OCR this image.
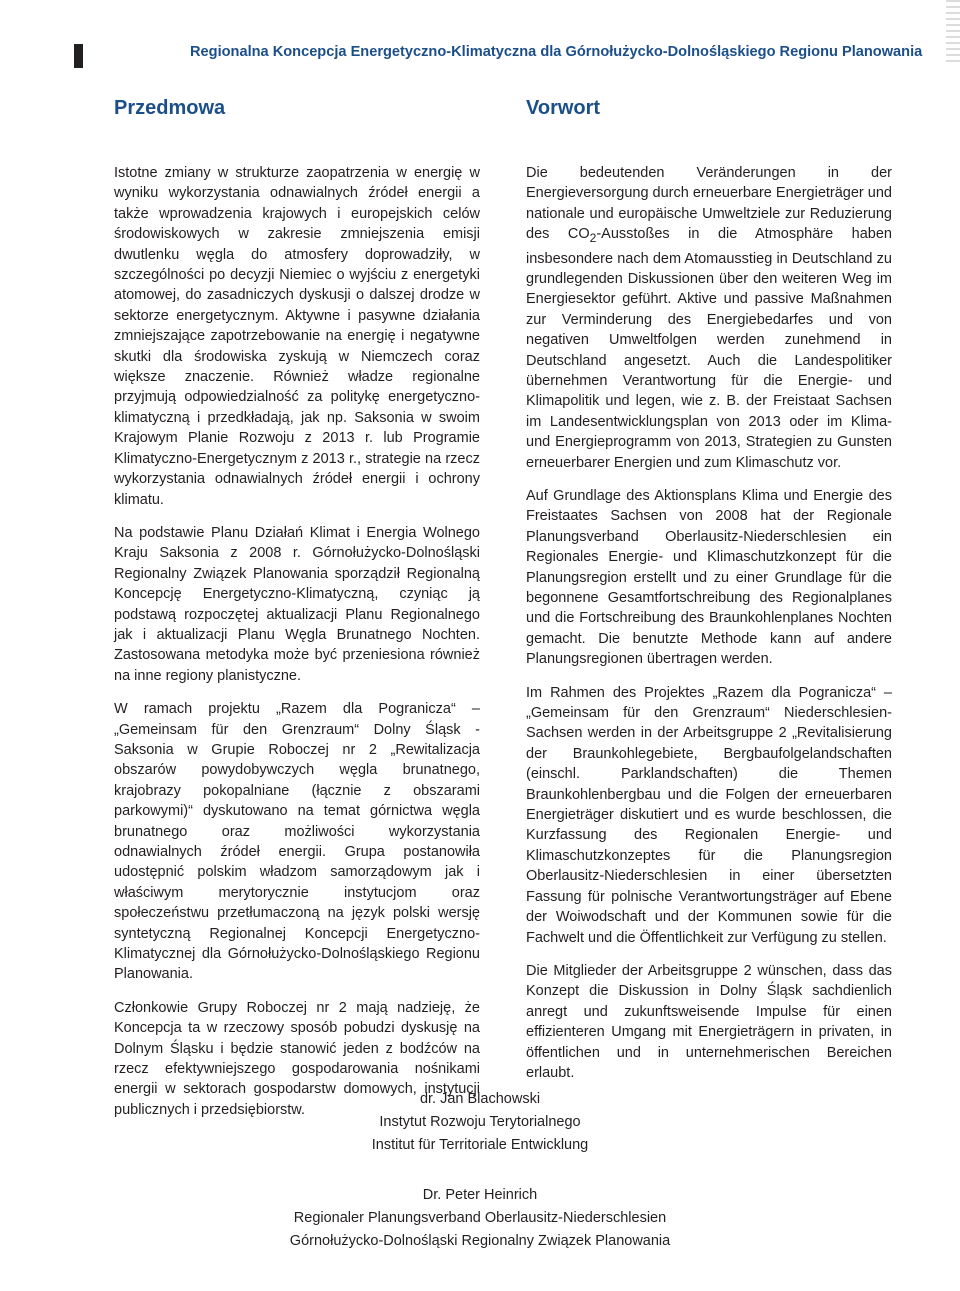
Regionalna Koncepcja Energetyczno-Klimatyczna dla Górnołużycko-Dolnośląskiego Regionu Planowania
Przedmowa	Vorwort

Istotne zmiany w strukturze zaopatrzenia w energię w wyniku wykorzystania odnawialnych źródeł energii a także wprowadzenia krajowych i europejskich celów środowiskowych w zakresie zmniejszenia emisji dwutlenku węgla do atmosfery doprowadziły, w szczególności po decyzji Niemiec o wyjściu z energetyki atomowej, do zasadniczych dyskusji o dalszej drodze w sektorze energetycznym. Aktywne i pasywne działania zmniejszające zapotrzebowanie na energię i negatywne skutki dla środowiska zyskują w Niemczech coraz większe znaczenie. Również władze regionalne przyjmują odpowiedzialność za politykę energetyczno-klimatyczną i przedkładają, jak np. Saksonia w swoim Krajowym Planie Rozwoju z 2013 r. lub Programie Klimatyczno-Energetycznym z 2013 r., strategie na rzecz wykorzystania odnawialnych źródeł energii i ochrony klimatu.

Na podstawie Planu Działań Klimat i Energia Wolnego Kraju Saksonia z 2008 r. Górnołużycko-Dolnośląski Regionalny Związek Planowania sporządził Regionalną Koncepcję Energetyczno-Klimatyczną, czyniąc ją podstawą rozpoczętej aktualizacji Planu Regionalnego jak i aktualizacji Planu Węgla Brunatnego Nochten. Zastosowana metodyka może być przeniesiona również na inne regiony planistyczne.

W ramach projektu „Razem dla Pogranicza“ – „Gemeinsam für den Grenzraum“ Dolny Śląsk - Saksonia w Grupie Roboczej nr 2 „Rewitalizacja obszarów powydobywczych węgla brunatnego, krajobrazy pokopalniane (łącznie z obszarami parkowymi)“ dyskutowano na temat górnictwa węgla brunatnego oraz możliwości wykorzystania odnawialnych źródeł energii. Grupa postanowiła udostępnić polskim władzom samorządowym jak i właściwym merytorycznie instytucjom oraz społeczeństwu przetłumaczoną na język polski wersję syntetyczną Regionalnej Koncepcji Energetyczno-Klimatycznej dla Górnołużycko-Dolnośląskiego Regionu Planowania.

Członkowie Grupy Roboczej nr 2 mają nadzieję, że Koncepcja ta w rzeczowy sposób pobudzi dyskusję na Dolnym Śląsku i będzie stanowić jeden z bodźców na rzecz efektywniejszego gospodarowania nośnikami energii w sektorach gospodarstw domowych, instytucji publicznych i przedsiębiorstw.

Die bedeutenden Veränderungen in der Energieversorgung durch erneuerbare Energieträger und nationale und europäische Umweltziele zur Reduzierung des $CO_2$-Ausstoßes in die Atmosphäre haben insbesondere nach dem Atomausstieg in Deutschland zu grundlegenden Diskussionen über den weiteren Weg im Energiesektor geführt. Aktive und passive Maßnahmen zur Verminderung des Energiebedarfes und von negativen Umweltfolgen werden zunehmend in Deutschland angesetzt. Auch die Landespolitiker übernehmen Verantwortung für die Energie- und Klimapolitik und legen, wie z. B. der Freistaat Sachsen im Landesentwicklungsplan von 2013 oder im Klima- und Energieprogramm von 2013, Strategien zu Gunsten erneuerbarer Energien und zum Klimaschutz vor.

Auf Grundlage des Aktionsplans Klima und Energie des Freistaates Sachsen von 2008 hat der Regionale Planungsverband Oberlausitz-Niederschlesien ein Regionales Energie- und Klimaschutzkonzept für die Planungsregion erstellt und zu einer Grundlage für die begonnene Gesamtfortschreibung des Regionalplanes und die Fortschreibung des Braunkohlenplanes Nochten gemacht. Die benutzte Methode kann auf andere Planungsregionen übertragen werden.

Im Rahmen des Projektes „Razem dla Pogranicza“ – „Gemeinsam für den Grenzraum“ Niederschlesien-Sachsen werden in der Arbeitsgruppe 2 „Revitalisierung der Braunkohlegebiete, Bergbaufolgelandschaften (einschl. Parklandschaften) die Themen Braunkohlenbergbau und die Folgen der erneuerbaren Energieträger diskutiert und es wurde beschlossen, die Kurzfassung des Regionalen Energie- und Klimaschutzkonzeptes für die Planungsregion Oberlausitz-Niederschlesien in einer übersetzten Fassung für polnische Verantwortungsträger auf Ebene der Woiwodschaft und der Kommunen sowie für die Fachwelt und die Öffentlichkeit zur Verfügung zu stellen.

Die Mitglieder der Arbeitsgruppe 2 wünschen, dass das Konzept die Diskussion in Dolny Śląsk sachdienlich anregt und zukunftsweisende Impulse für einen effizienteren Umgang mit Energieträgern in privaten, in öffentlichen und in unternehmerischen Bereichen erlaubt.

dr. Jan Blachowski
Instytut Rozwoju Terytorialnego
Institut für Territoriale Entwicklung
Dr. Peter Heinrich
Regionaler Planungsverband Oberlausitz-Niederschlesien
Górnołużycko-Dolnośląski Regionalny Związek Planowania
